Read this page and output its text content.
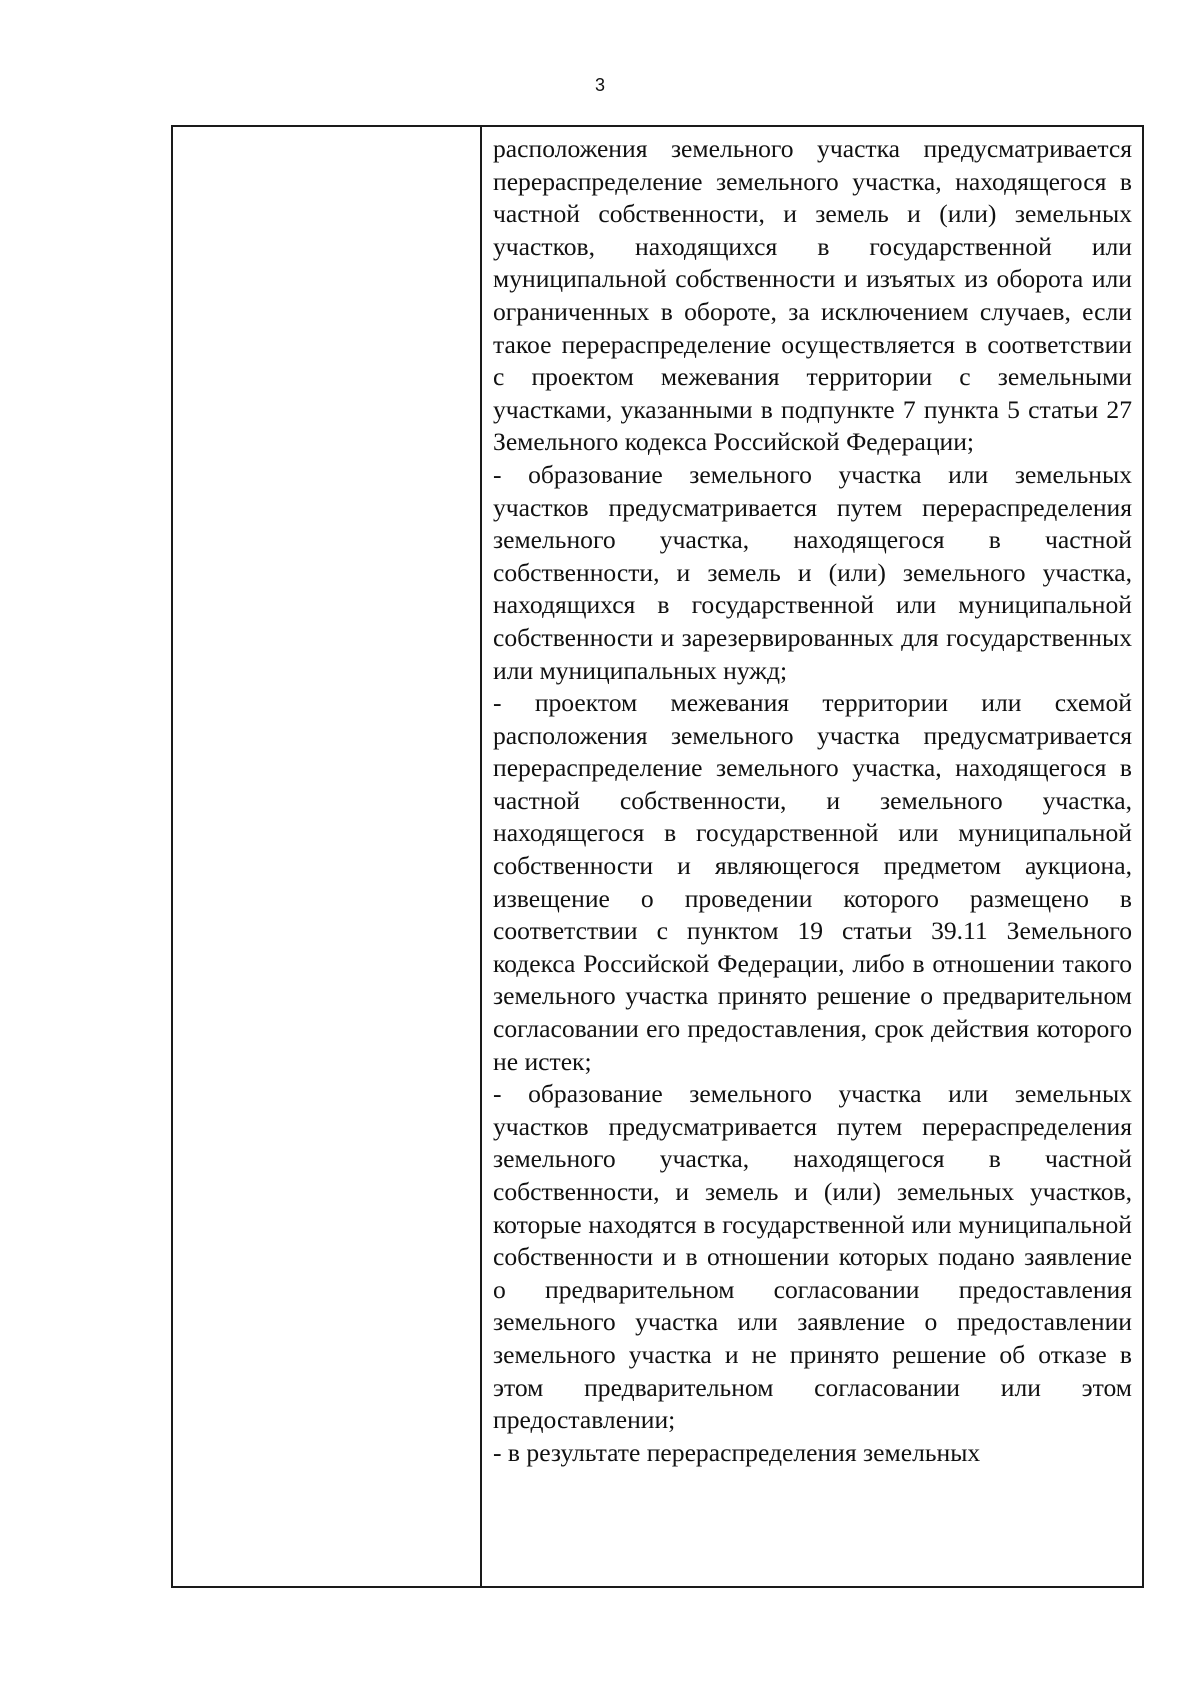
3

расположения земельного участка предусматривается перераспределение земельного участка, находящегося в частной собственности, и земель и (или) земельных участков, находящихся в государственной или муниципальной собственности и изъятых из оборота или ограниченных в обороте, за исключением случаев, если такое перераспределение осуществляется в соответствии с проектом межевания территории с земельными участками, указанными в подпункте 7 пункта 5 статьи 27 Земельного кодекса Российской Федерации;

- образование земельного участка или земельных участков предусматривается путем перераспределения земельного участка, находящегося в частной собственности, и земель и (или) земельного участка, находящихся в государственной или муниципальной собственности и зарезервированных для государственных или муниципальных нужд;

- проектом межевания территории или схемой расположения земельного участка предусматривается перераспределение земельного участка, находящегося в частной собственности, и земельного участка, находящегося в государственной или муниципальной собственности и являющегося предметом аукциона, извещение о проведении которого размещено в соответствии с пунктом 19 статьи 39.11 Земельного кодекса Российской Федерации, либо в отношении такого земельного участка принято решение о предварительном согласовании его предоставления, срок действия которого не истек;

- образование земельного участка или земельных участков предусматривается путем перераспределения земельного участка, находящегося в частной собственности, и земель и (или) земельных участков, которые находятся в государственной или муниципальной собственности и в отношении которых подано заявление о предварительном согласовании предоставления земельного участка или заявление о предоставлении земельного участка и не принято решение об отказе в этом предварительном согласовании или этом предоставлении;

- в результате перераспределения земельных
